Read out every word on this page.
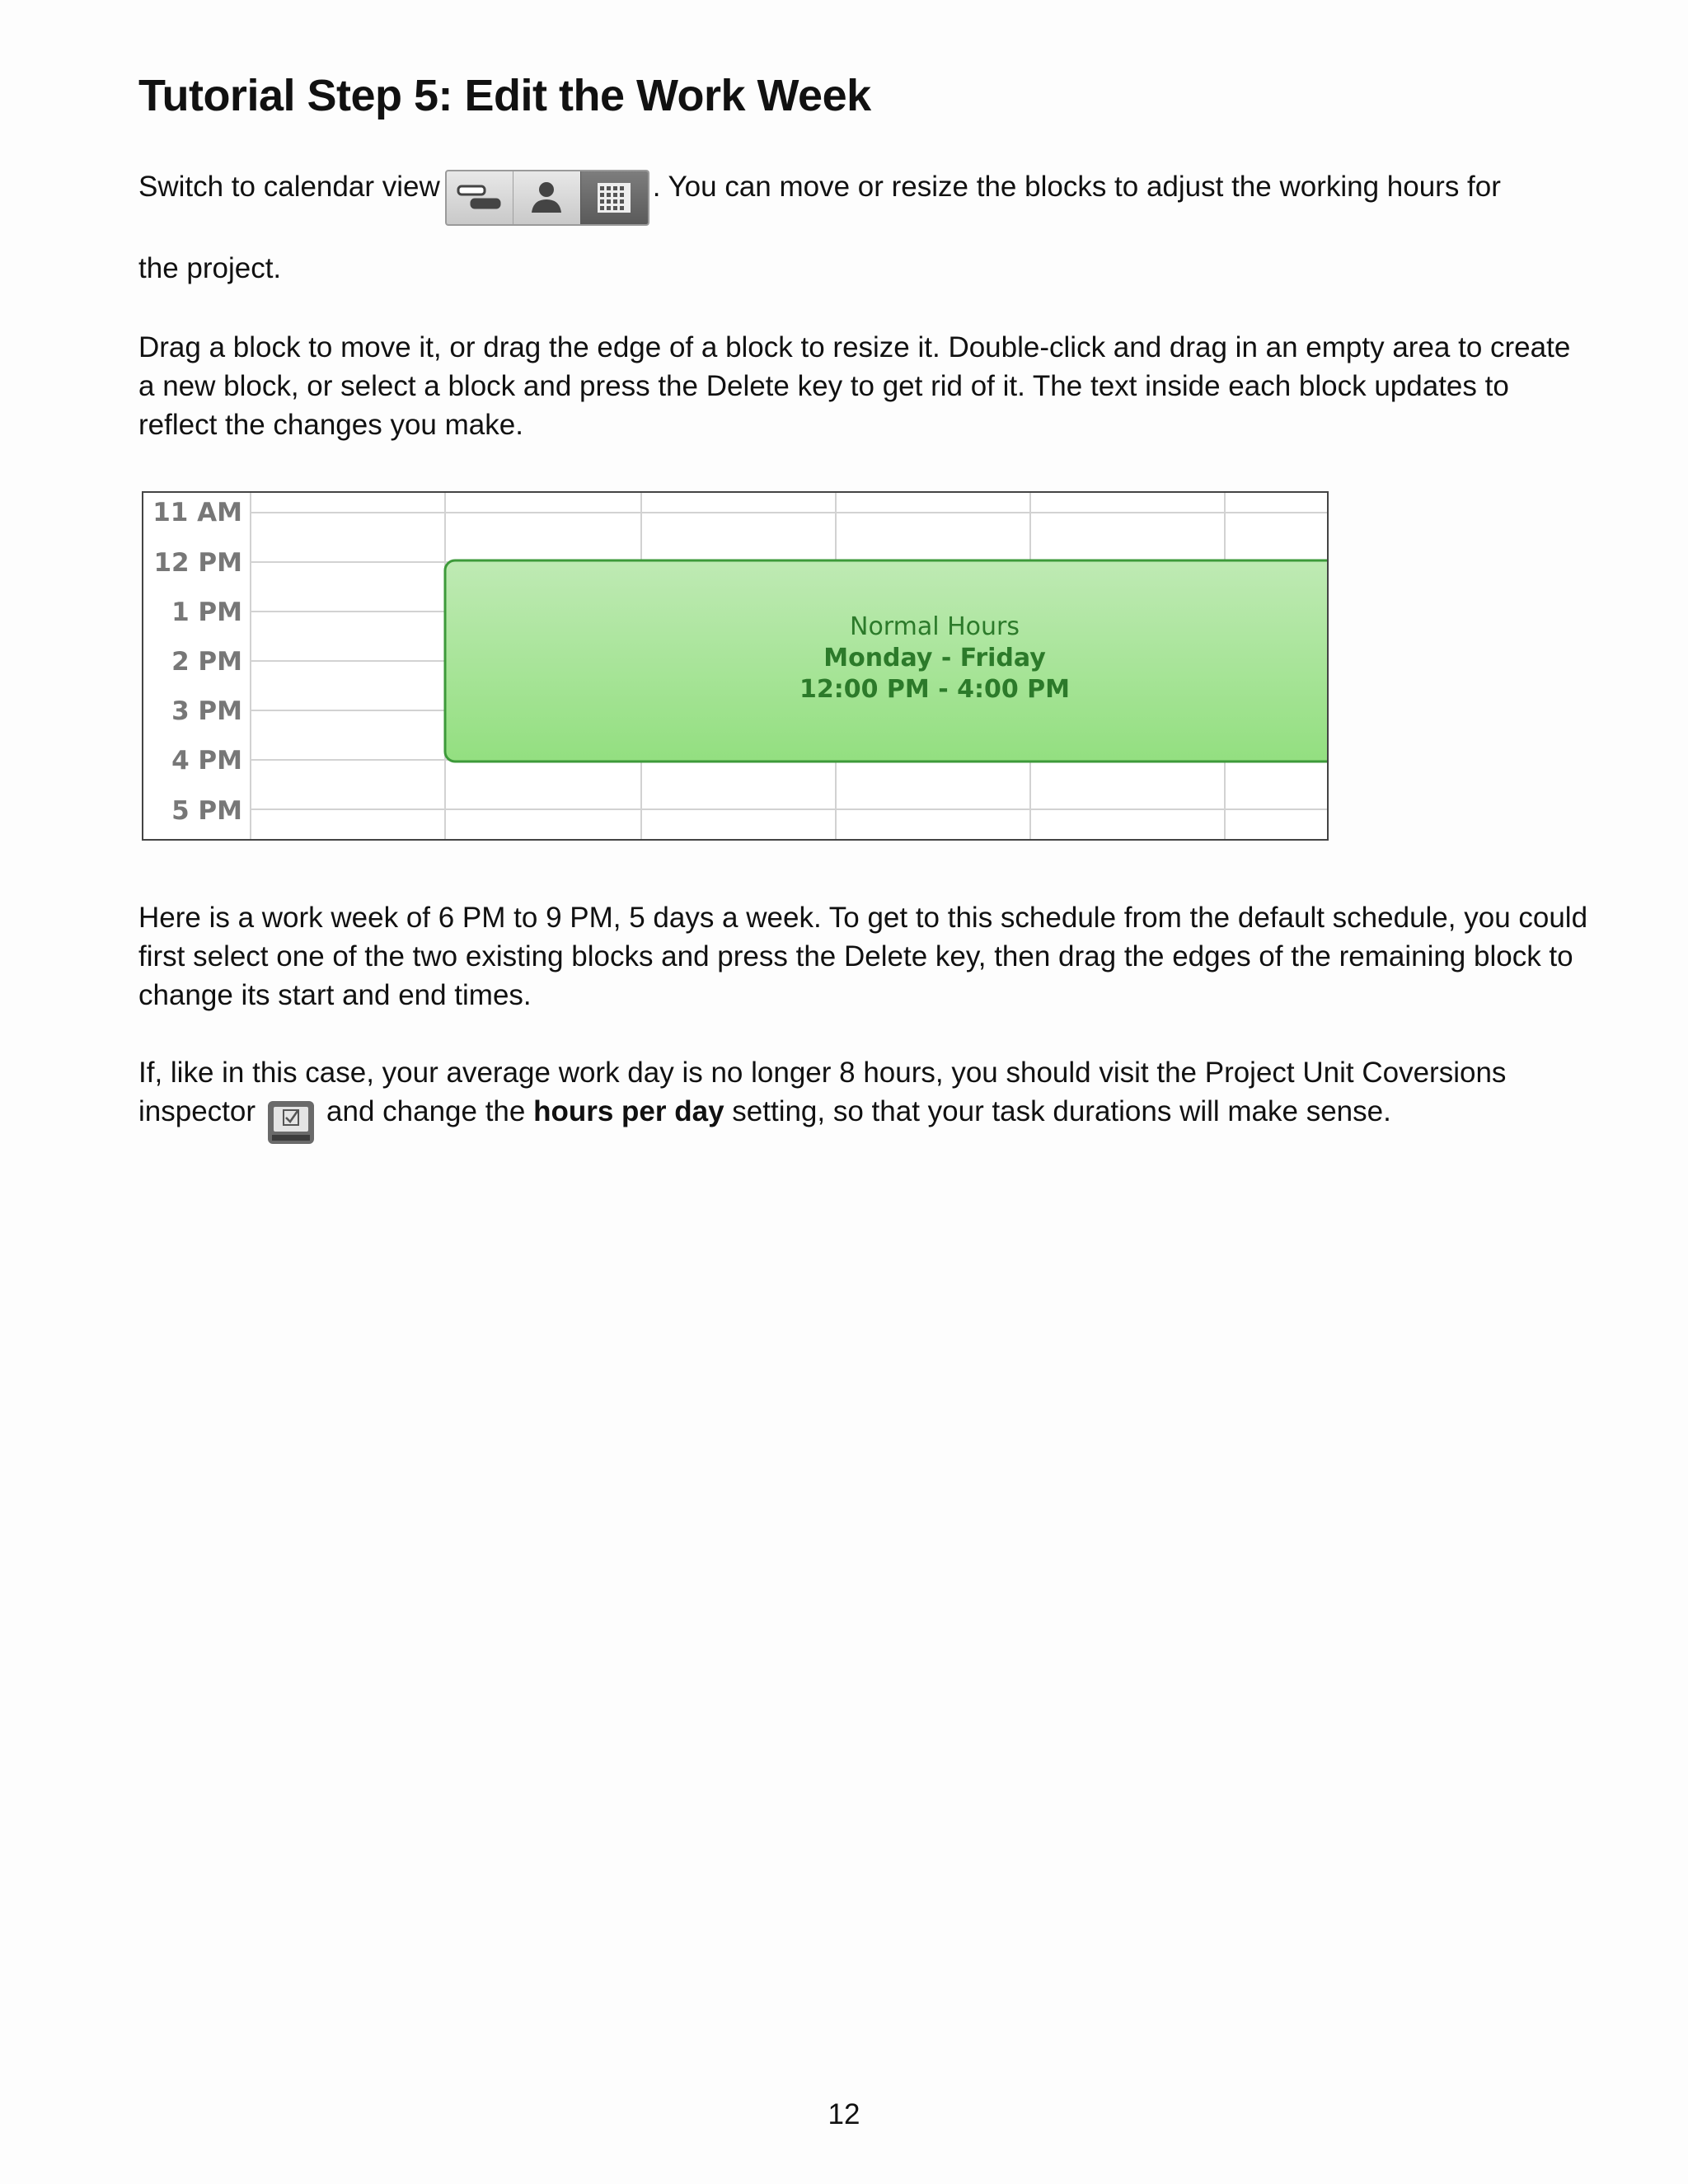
Tutorial Step 5: Edit the Work Week

Switch to calendar view	. You can move or resize the blocks to adjust the working hours for
the project.

Drag a block to move it, or drag the edge of a block to resize it. Double-click and drag in an empty area to create a new block, or select a block and press the Delete key to get rid of it. The text inside each block updates to reflect the changes you make.

11 AM
12 PM
1 PM
2 PM
3 PM
4 PM
5 PM
Normal Hours
Monday - Friday
12:00 PM - 4:00 PM

Here is a work week of 6 PM to 9 PM, 5 days a week. To get to this schedule from the default schedule, you could first select one of the two existing blocks and press the Delete key, then drag the edges of the remaining block to change its start and end times.

If, like in this case, your average work day is no longer 8 hours, you should visit the Project Unit Coversions inspector and change the hours per day setting, so that your task durations will make sense.

12
